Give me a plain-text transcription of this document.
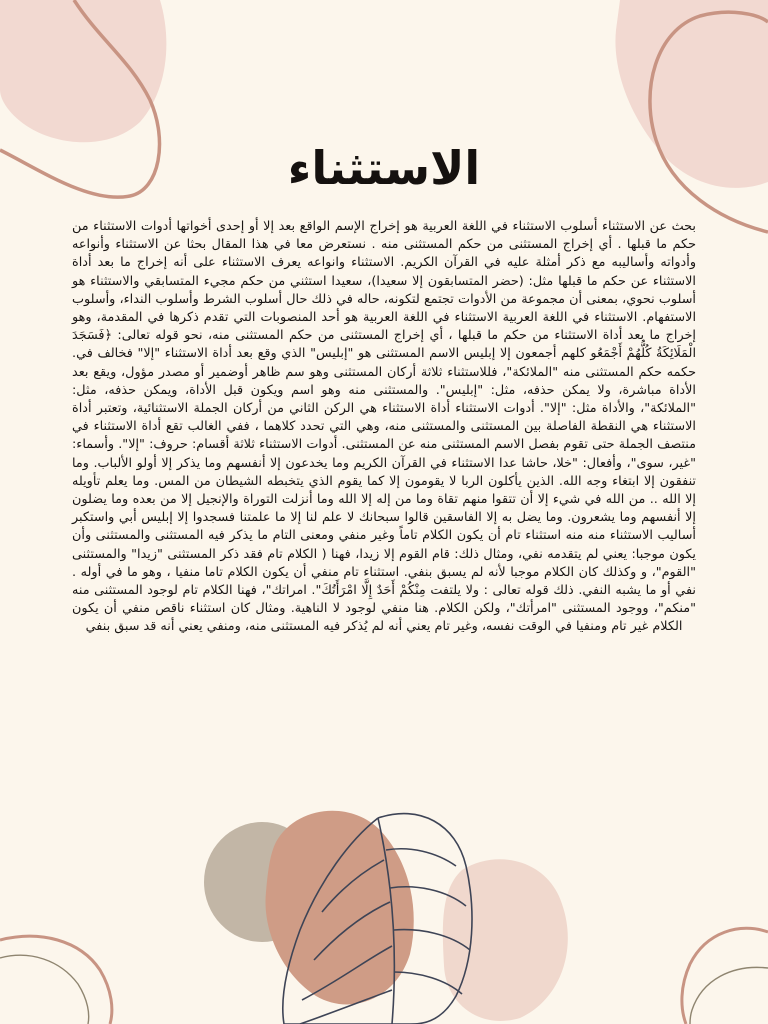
الاستثناء

بحث عن الاستثناء أسلوب الاستثناء في اللغة العربية هو إخراج الإسم الواقع بعد إلا أو إحدى أخواتها أدوات الاستثناء من حكم ما قبلها . أي إخراج المستثنى من حكم المستثنى منه . نستعرض معا في هذا المقال بحثا عن الاستثناء وأنواعه وأدواته وأساليبه مع ذكر أمثلة عليه في القرآن الكريم. الاستثناء وانواعه يعرف الاستثناء على أنه إخراج ما بعد أداة الاستثناء عن حكم ما قبلها مثل: (حضر المتسابقون إلا سعيدا)، سعيدا استثني من حكم مجيء المتسابقي والاستثناء هو أسلوب نحوي، بمعنى أن مجموعة من الأدوات تجتمع لتكونه، حاله في ذلك حال أسلوب الشرط وأسلوب النداء، وأسلوب الاستفهام. الاستثناء في اللغة العربية الاستثناء في اللغة العربية هو أحد المنصوبات التي تقدم ذكرها في المقدمة، وهو إخراج ما بعد أداة الاستثناء من حكم ما قبلها ، أي إخراج المستثنى من حكم المستثنى منه، نحو قوله تعالى: ﴿فَسَجَدَ الْمَلَائِكَةُ كُلُّهُمْ أَجْمَعُو كلهم أجمعون إلا إبليس الاسم المستثنى هو "إبليس" الذي وقع بعد أداة الاستثناء "إلا" فخالف في. حكمه حكم المستثنى منه "الملائكة"، فللاستثناء ثلاثة أركان المستثنى وهو سم ظاهر أوضمير أو مصدر مؤول، ويقع بعد الأداة مباشرة، ولا يمكن حذفه، مثل: "إبليس". والمستثنى منه وهو اسم ويكون قبل الأداة، ويمكن حذفه، مثل: "الملائكة"، والأداة مثل: "إلا". أدوات الاستثناء أداة الاستثناء هي الركن الثاني من أركان الجملة الاستثنائية، وتعتبر أداة الاستثناء هي النقطة الفاصلة بين المستثنى والمستثنى منه، وهي التي تحدد كلاهما ، ففي الغالب تقع أداة الاستثناء في منتصف الجملة حتى تقوم بفصل الاسم المستثنى منه عن المستثنى. أدوات الاستثناء ثلاثة أقسام: حروف: "إلا". وأسماء: "غير، سوى"، وأفعال: "خلا، حاشا عدا الاستثناء في القرآن الكريم وما يخدعون إلا أنفسهم وما يذكر إلا أولو الألباب. وما تنفقون إلا ابتغاء وجه الله. الذين يأكلون الربا لا يقومون إلا كما يقوم الذي يتخبطه الشيطان من المس. وما يعلم تأويله إلا الله .. من الله في شيء إلا أن تتقوا منهم تقاة وما من إله إلا الله وما أنزلت التوراة والإنجيل إلا من بعده وما يضلون إلا أنفسهم وما يشعرون. وما يضل به إلا الفاسقين قالوا سبحانك لا علم لنا إلا ما علمتنا فسجدوا إلا إبليس أبي واستكبر أساليب الاستثناء منه منه استثناء تام أن يكون الكلام تاماً وغير منفي ومعنى التام ما يذكر فيه المستثنى والمستثنى وأن يكون موجبا: يعني لم يتقدمه نفي، ومثال ذلك: قام القوم إلا زيدا، فهنا ( الكلام تام فقد ذكر المستثنى "زيدا" والمستثنى "القوم"، و وكذلك كان الكلام موجبا لأنه لم يسبق بنفي. استثناء تام منفي أن يكون الكلام تاما منفيا ، وهو ما في أوله . نفي أو ما يشبه النفي. ذلك قوله تعالى : ولا يلتفت مِنْكُمْ أَحَدٌ إِلَّا امْرَأَتُكَ". امراتك"، فهنا الكلام تام لوجود المستثنى منه "منكم"، ووجود المستثنى "امرأتك"، ولكن الكلام. هنا منفي لوجود لا الناهية. ومثال كان استثناء ناقص منفي أن يكون الكلام غير تام ومنفيا في الوقت نفسه، وغير تام يعني أنه لم يُذكر فيه المستثنى منه، ومنفي يعني أنه قد سبق بنفي
